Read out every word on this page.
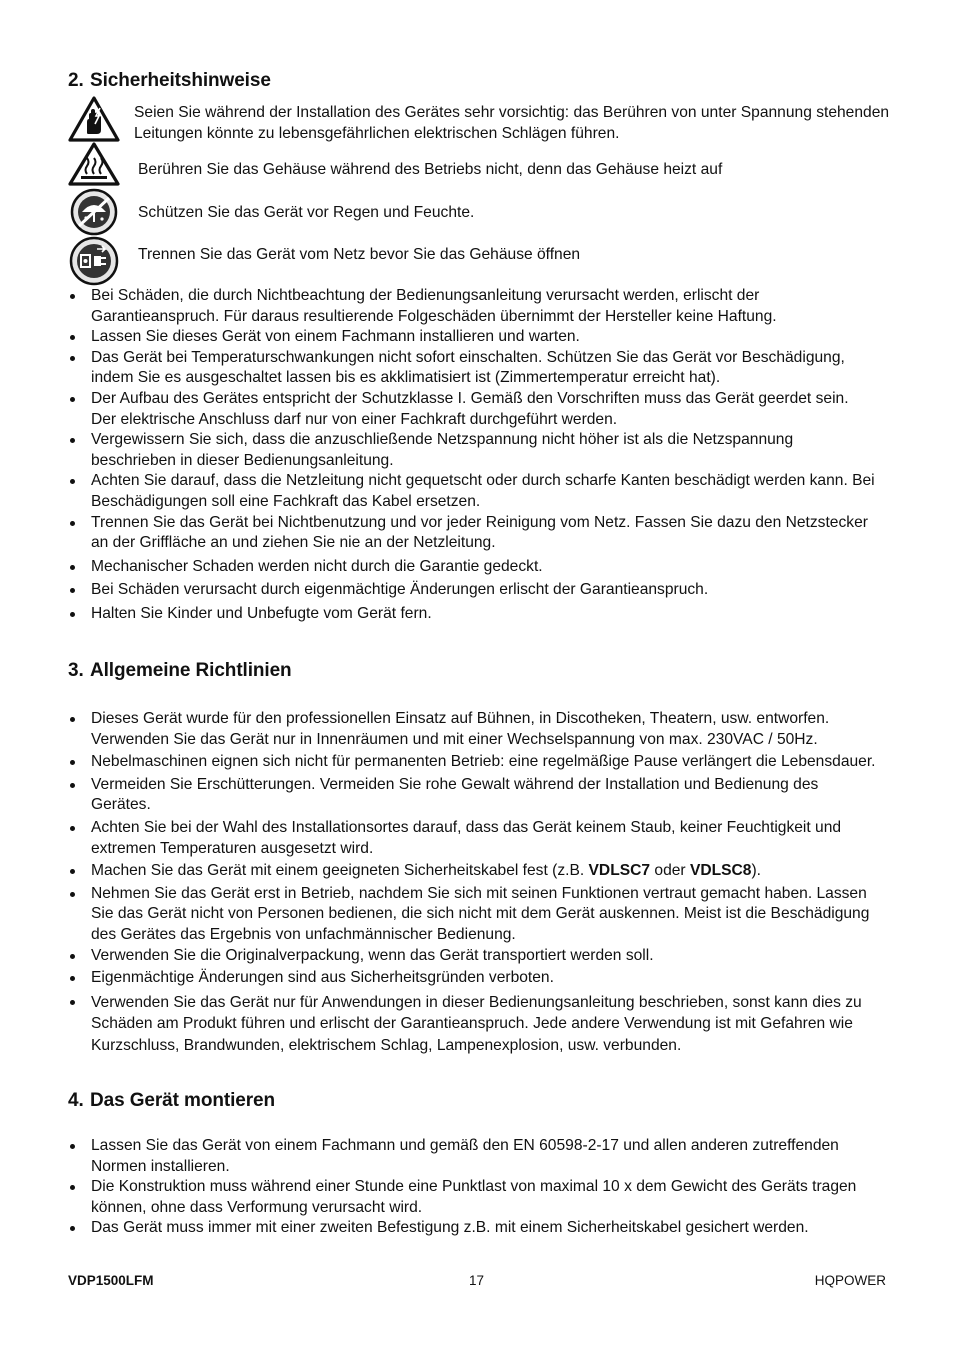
2. Sicherheitshinweise
Seien Sie während der Installation des Gerätes sehr vorsichtig: das Berühren von unter Spannung stehenden
Leitungen könnte zu lebensgefährlichen elektrischen Schlägen führen.
Berühren Sie das Gehäuse während des Betriebs nicht, denn das Gehäuse heizt auf
Schützen Sie das Gerät vor Regen und Feuchte.
Trennen Sie das Gerät vom Netz bevor Sie das Gehäuse öffnen
Bei Schäden, die durch Nichtbeachtung der Bedienungsanleitung verursacht werden, erlischt der
Garantieanspruch. Für daraus resultierende Folgeschäden übernimmt der Hersteller keine Haftung.
Lassen Sie dieses Gerät von einem Fachmann installieren und warten.
Das Gerät bei Temperaturschwankungen nicht sofort einschalten. Schützen Sie das Gerät vor Beschädigung,
indem Sie es ausgeschaltet lassen bis es akklimatisiert ist (Zimmertemperatur erreicht hat).
Der Aufbau des Gerätes entspricht der Schutzklasse I. Gemäß den Vorschriften muss das Gerät geerdet sein.
Der elektrische Anschluss darf nur von einer Fachkraft durchgeführt werden.
Vergewissern Sie sich, dass die anzuschließende Netzspannung nicht höher ist als die Netzspannung
beschrieben in dieser Bedienungsanleitung.
Achten Sie darauf, dass die Netzleitung nicht gequetscht oder durch scharfe Kanten beschädigt werden kann. Bei
Beschädigungen soll eine Fachkraft das Kabel ersetzen.
Trennen Sie das Gerät bei Nichtbenutzung und vor jeder Reinigung vom Netz. Fassen Sie dazu den Netzstecker
an der Griffläche an und ziehen Sie nie an der Netzleitung.
Mechanischer Schaden werden nicht durch die Garantie gedeckt.
Bei Schäden verursacht durch eigenmächtige Änderungen erlischt der Garantieanspruch.
Halten Sie Kinder und Unbefugte vom Gerät fern.
3. Allgemeine Richtlinien
Dieses Gerät wurde für den professionellen Einsatz auf Bühnen, in Discotheken, Theatern, usw. entworfen.
Verwenden Sie das Gerät nur in Innenräumen und mit einer Wechselspannung von max. 230VAC / 50Hz.
Nebelmaschinen eignen sich nicht für permanenten Betrieb: eine regelmäßige Pause verlängert die Lebensdauer.
Vermeiden Sie Erschütterungen. Vermeiden Sie rohe Gewalt während der Installation und Bedienung des
Gerätes.
Achten Sie bei der Wahl des Installationsortes darauf, dass das Gerät keinem Staub, keiner Feuchtigkeit und
extremen Temperaturen ausgesetzt wird.
Machen Sie das Gerät mit einem geeigneten Sicherheitskabel fest (z.B. VDLSC7 oder VDLSC8).
Nehmen Sie das Gerät erst in Betrieb, nachdem Sie sich mit seinen Funktionen vertraut gemacht haben. Lassen
Sie das Gerät nicht von Personen bedienen, die sich nicht mit dem Gerät auskennen. Meist ist die Beschädigung
des Gerätes das Ergebnis von unfachmännischer Bedienung.
Verwenden Sie die Originalverpackung, wenn das Gerät transportiert werden soll.
Eigenmächtige Änderungen sind aus Sicherheitsgründen verboten.
Verwenden Sie das Gerät nur für Anwendungen in dieser Bedienungsanleitung beschrieben, sonst kann dies zu
Schäden am Produkt führen und erlischt der Garantieanspruch. Jede andere Verwendung ist mit Gefahren wie
Kurzschluss, Brandwunden, elektrischem Schlag, Lampenexplosion, usw. verbunden.
4. Das Gerät montieren
Lassen Sie das Gerät von einem Fachmann und gemäß den EN 60598-2-17 und allen anderen zutreffenden
Normen installieren.
Die Konstruktion muss während einer Stunde eine Punktlast von maximal 10 x dem Gewicht des Geräts tragen
können, ohne dass Verformung verursacht wird.
Das Gerät muss immer mit einer zweiten Befestigung z.B. mit einem Sicherheitskabel gesichert werden.
VDP1500LFM	17	HQPOWER
